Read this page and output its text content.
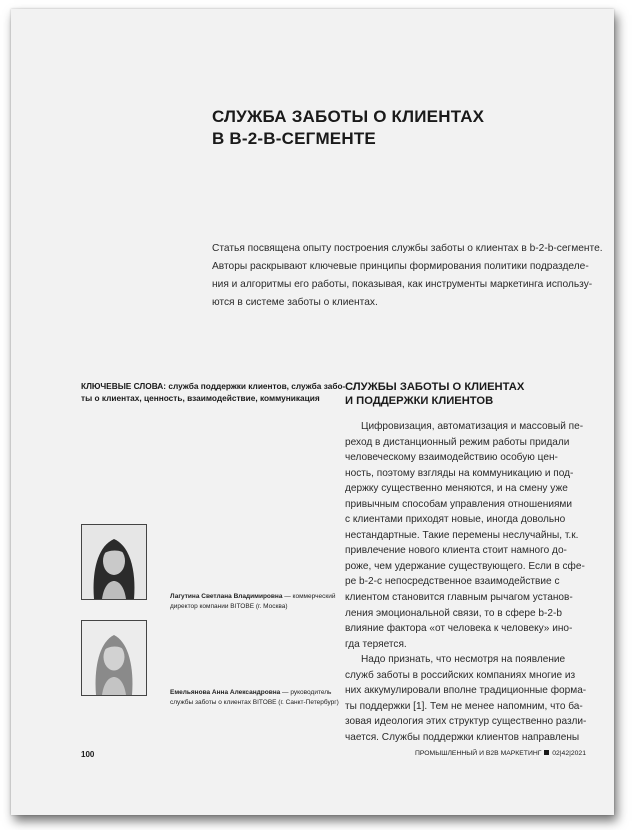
СЛУЖБА ЗАБОТЫ О КЛИЕНТАХ
В B-2-B-СЕГМЕНТЕ
Статья посвящена опыту построения службы заботы о клиентах в b-2-b-сегменте.
Авторы раскрывают ключевые принципы формирования политики подразделе-
ния и алгоритмы его работы, показывая, как инструменты маркетинга использу-
ются в системе заботы о клиентах.
КЛЮЧЕВЫЕ СЛОВА: служба поддержки клиентов, служба забо-
ты о клиентах, ценность, взаимодействие, коммуникация
Лагутина Светлана Владимировна — коммерческий
директор компании BITOBE (г. Москва)
Емельянова Анна Александровна — руководитель
службы заботы о клиентах BITOBE (г. Санкт-Петербург)
СЛУЖБЫ ЗАБОТЫ О КЛИЕНТАХ
И ПОДДЕРЖКИ КЛИЕНТОВ
Цифровизация, автоматизация и массовый пе-
реход в дистанционный режим работы придали
человеческому взаимодействию особую цен-
ность, поэтому взгляды на коммуникацию и под-
держку существенно меняются, и на смену уже
привычным способам управления отношениями
с клиентами приходят новые, иногда довольно
нестандартные. Такие перемены неслучайны, т.к.
привлечение нового клиента стоит намного до-
роже, чем удержание существующего. Если в сфе-
ре b-2-c непосредственное взаимодействие с
клиентом становится главным рычагом установ-
ления эмоциональной связи, то в сфере b-2-b
влияние фактора «от человека к человеку» ино-
гда теряется.
Надо признать, что несмотря на появление
служб заботы в российских компаниях многие из
них аккумулировали вполне традиционные форма-
ты поддержки [1]. Тем не менее напомним, что ба-
зовая идеология этих структур существенно разли-
чается. Службы поддержки клиентов направлены
100	ПРОМЫШЛЕННЫЙ И B2B МАРКЕТИНГ 02|42|2021
